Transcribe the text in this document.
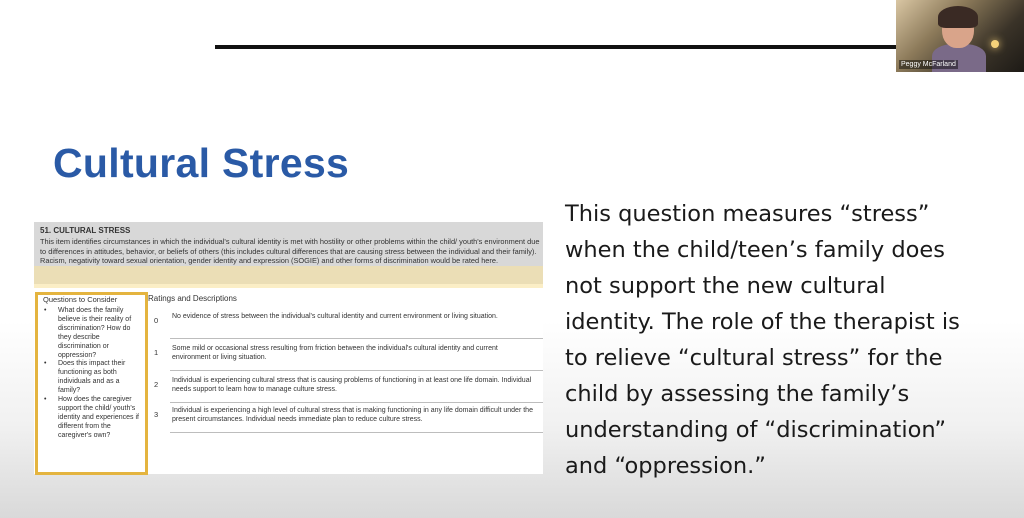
Cultural Stress
Peggy McFarland
51. CULTURAL STRESS
This item identifies circumstances in which the individual's cultural identity is met with hostility or other problems within the child/ youth's environment due to differences in attitudes, behavior, or beliefs of others (this includes cultural differences that are causing stress between the individual and their family). Racism, negativity toward sexual orientation, gender identity and expression (SOGIE) and other forms of discrimination would be rated here.
Questions to Consider
• What does the family believe is their reality of discrimination? How do they describe discrimination or oppression?
• Does this impact their functioning as both individuals and as a family?
• How does the caregiver support the child/ youth's identity and experiences if different from the caregiver's own?
Ratings and Descriptions
0 No evidence of stress between the individual's cultural identity and current environment or living situation.
1 Some mild or occasional stress resulting from friction between the individual's cultural identity and current environment or living situation.
2 Individual is experiencing cultural stress that is causing problems of functioning in at least one life domain. Individual needs support to learn how to manage culture stress.
3 Individual is experiencing a high level of cultural stress that is making functioning in any life domain difficult under the present circumstances. Individual needs immediate plan to reduce culture stress.
This question measures “stress”
when the child/teen’s family does
not support the new cultural
identity. The role of the therapist is
to relieve “cultural stress” for the
child by assessing the family’s
understanding of “discrimination”
and “oppression.”
